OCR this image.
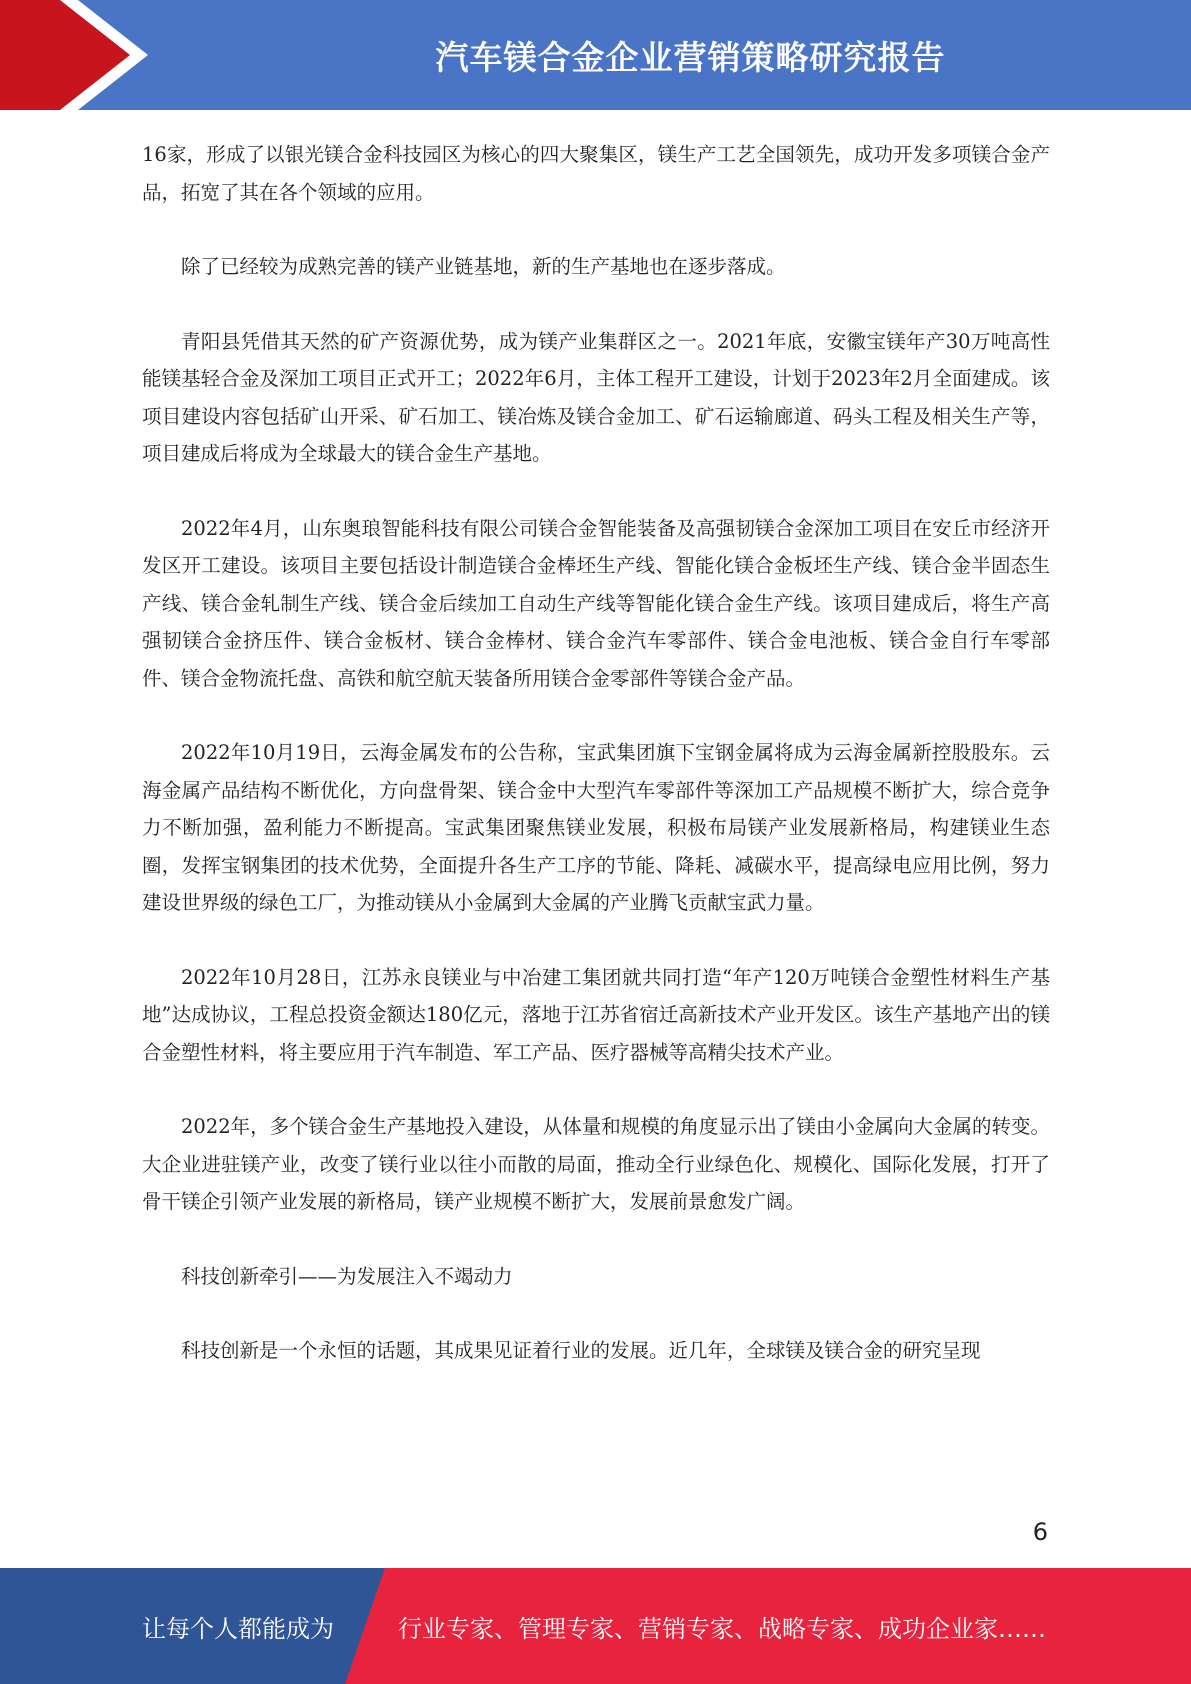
汽车镁合金企业营销策略研究报告

16家，形成了以银光镁合金科技园区为核心的四大聚集区，镁生产工艺全国领先，成功开发多项镁合金产品，拓宽了其在各个领域的应用。

除了已经较为成熟完善的镁产业链基地，新的生产基地也在逐步落成。

青阳县凭借其天然的矿产资源优势，成为镁产业集群区之一。2021年底，安徽宝镁年产30万吨高性能镁基轻合金及深加工项目正式开工；2022年6月，主体工程开工建设，计划于2023年2月全面建成。该项目建设内容包括矿山开采、矿石加工、镁冶炼及镁合金加工、矿石运输廊道、码头工程及相关生产等，项目建成后将成为全球最大的镁合金生产基地。

2022年4月，山东奥琅智能科技有限公司镁合金智能装备及高强韧镁合金深加工项目在安丘市经济开发区开工建设。该项目主要包括设计制造镁合金棒坯生产线、智能化镁合金板坯生产线、镁合金半固态生产线、镁合金轧制生产线、镁合金后续加工自动生产线等智能化镁合金生产线。该项目建成后，将生产高强韧镁合金挤压件、镁合金板材、镁合金棒材、镁合金汽车零部件、镁合金电池板、镁合金自行车零部件、镁合金物流托盘、高铁和航空航天装备所用镁合金零部件等镁合金产品。

2022年10月19日，云海金属发布的公告称，宝武集团旗下宝钢金属将成为云海金属新控股股东。云海金属产品结构不断优化，方向盘骨架、镁合金中大型汽车零部件等深加工产品规模不断扩大，综合竞争力不断加强，盈利能力不断提高。宝武集团聚焦镁业发展，积极布局镁产业发展新格局，构建镁业生态圈，发挥宝钢集团的技术优势，全面提升各生产工序的节能、降耗、减碳水平，提高绿电应用比例，努力建设世界级的绿色工厂，为推动镁从小金属到大金属的产业腾飞贡献宝武力量。

2022年10月28日，江苏永良镁业与中冶建工集团就共同打造“年产120万吨镁合金塑性材料生产基地”达成协议，工程总投资金额达180亿元，落地于江苏省宿迁高新技术产业开发区。该生产基地产出的镁合金塑性材料，将主要应用于汽车制造、军工产品、医疗器械等高精尖技术产业。

2022年，多个镁合金生产基地投入建设，从体量和规模的角度显示出了镁由小金属向大金属的转变。大企业进驻镁产业，改变了镁行业以往小而散的局面，推动全行业绿色化、规模化、国际化发展，打开了骨干镁企引领产业发展的新格局，镁产业规模不断扩大，发展前景愈发广阔。

科技创新牵引——为发展注入不竭动力

科技创新是一个永恒的话题，其成果见证着行业的发展。近几年，全球镁及镁合金的研究呈现

6
让每个人都能成为	行业专家、管理专家、营销专家、战略专家、成功企业家……
